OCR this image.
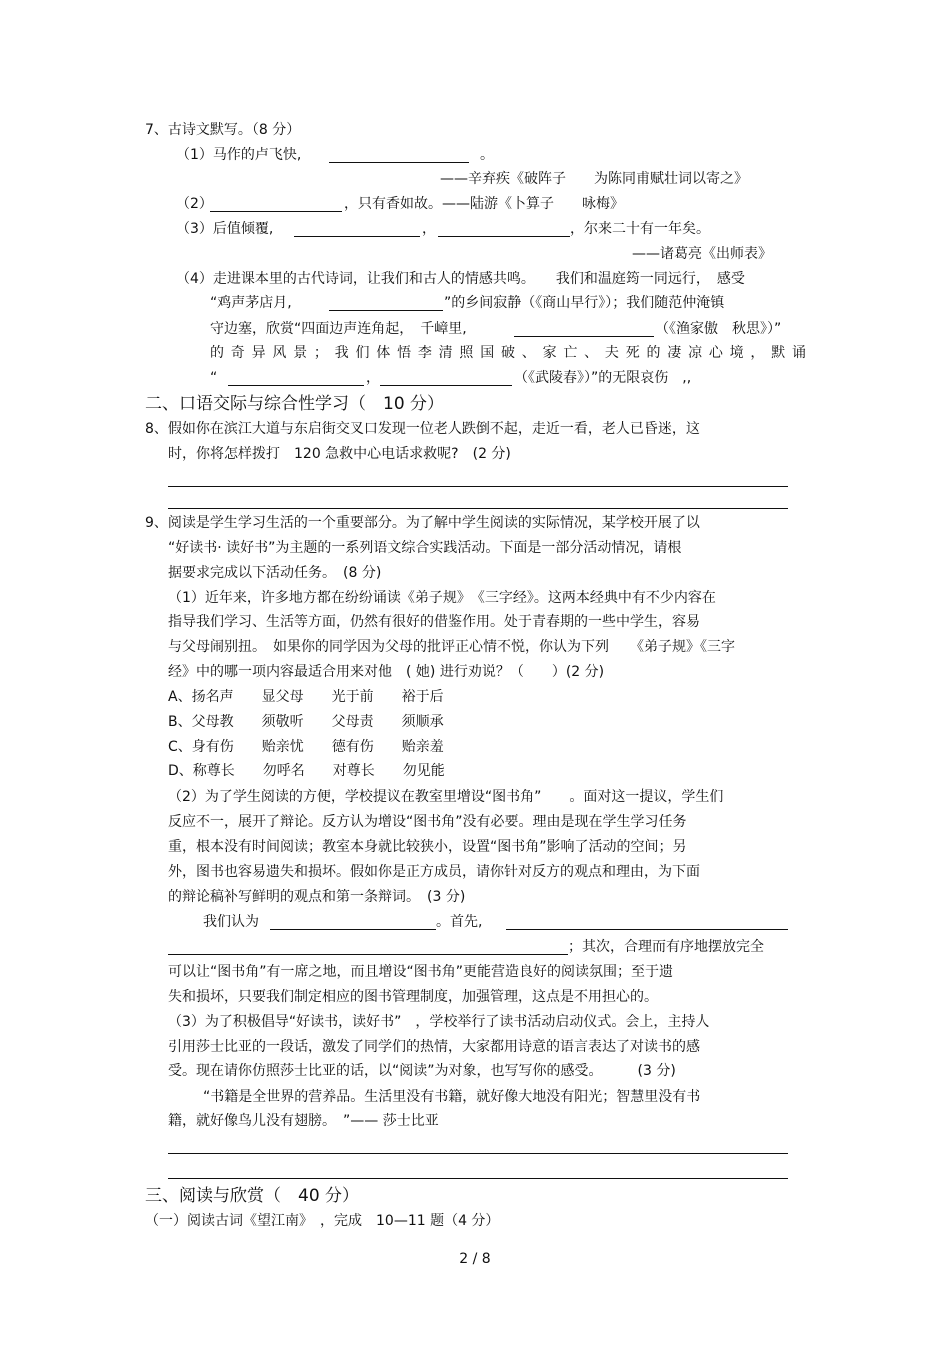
7、古诗文默写。（8 分）
（1）马作的卢飞快,	。
——辛弃疾《破阵子　　为陈同甫赋壮词以寄之》
（2）	，只有香如故。——陆游《卜算子　　咏梅》
（3）后值倾覆,	，	，尔来二十有一年矣。
——诸葛亮《出师表》
（4）走进课本里的古代诗词，让我们和古人的情感共鸣。　　我们和温庭筠一同远行，　感受
“鸡声茅店月,	”的乡间寂静（《商山早行》）；我们随范仲淹镇
守边塞，欣赏“四面边声连角起，　千嶂里,	（《渔家傲　秋思》）”
的奇异风景；我们体悟李清照国破、家亡、夫死的凄凉心境，默诵
“	，	（《武陵春》）”的无限哀伤　,,
二、口语交际与综合性学习（　10 分）
8、假如你在滨江大道与东启街交叉口发现一位老人跌倒不起，走近一看，老人已昏迷，这
时，你将怎样拨打　120 急救中心电话求救呢?　(2 分)
9、阅读是学生学习生活的一个重要部分。为了解中学生阅读的实际情况，某学校开展了以
“好读书· 读好书”为主题的一系列语文综合实践活动。下面是一部分活动情况，请根
据要求完成以下活动任务。　(8 分)
（1）近年来，许多地方都在纷纷诵读《弟子规》　《三字经》。这两本经典中有不少内容在
指导我们学习、生活等方面，仍然有很好的借鉴作用。处于青春期的一些中学生，容易
与父母闹别扭。　如果你的同学因为父母的批评正心情不悦，你认为下列　　《弟子规》《三字
经》中的哪一项内容最适合用来对他　( 她) 进行劝说？（　　）(2 分)
A、扬名声　　显父母　　光于前　　裕于后
B、父母教　　须敬听　　父母责　　须顺承
C、身有伤　　贻亲忧　　德有伤　　贻亲羞
D、称尊长　　勿呼名　　对尊长　　勿见能
（2）为了学生阅读的方便，学校提议在教室里增设“图书角”　　。面对这一提议，学生们
反应不一，展开了辩论。反方认为增设“图书角”没有必要。理由是现在学生学习任务
重，根本没有时间阅读；教室本身就比较狭小，设置“图书角”影响了活动的空间；另
外，图书也容易遗失和损坏。假如你是正方成员，请你针对反方的观点和理由，为下面
的辩论稿补写鲜明的观点和第一条辩词。　(3 分)
我们认为	。首先,
；其次，合理而有序地摆放完全
可以让“图书角”有一席之地，而且增设“图书角”更能营造良好的阅读氛围；至于遗
失和损坏，只要我们制定相应的图书管理制度，加强管理，这点是不用担心的。
（3）为了积极倡导“好读书，读好书”　，学校举行了读书活动启动仪式。会上，主持人
引用莎士比亚的一段话，激发了同学们的热情，大家都用诗意的语言表达了对读书的感
受。现在请你仿照莎士比亚的话，以“阅读”为对象，也写写你的感受。　　　(3 分)
“书籍是全世界的营养品。生活里没有书籍，就好像大地没有阳光；智慧里没有书
籍，就好像鸟儿没有翅膀。　”—— 莎士比亚
三、阅读与欣赏（　40 分）
（一）阅读古词《望江南》　，完成　10—11 题（4 分）
2 / 8
